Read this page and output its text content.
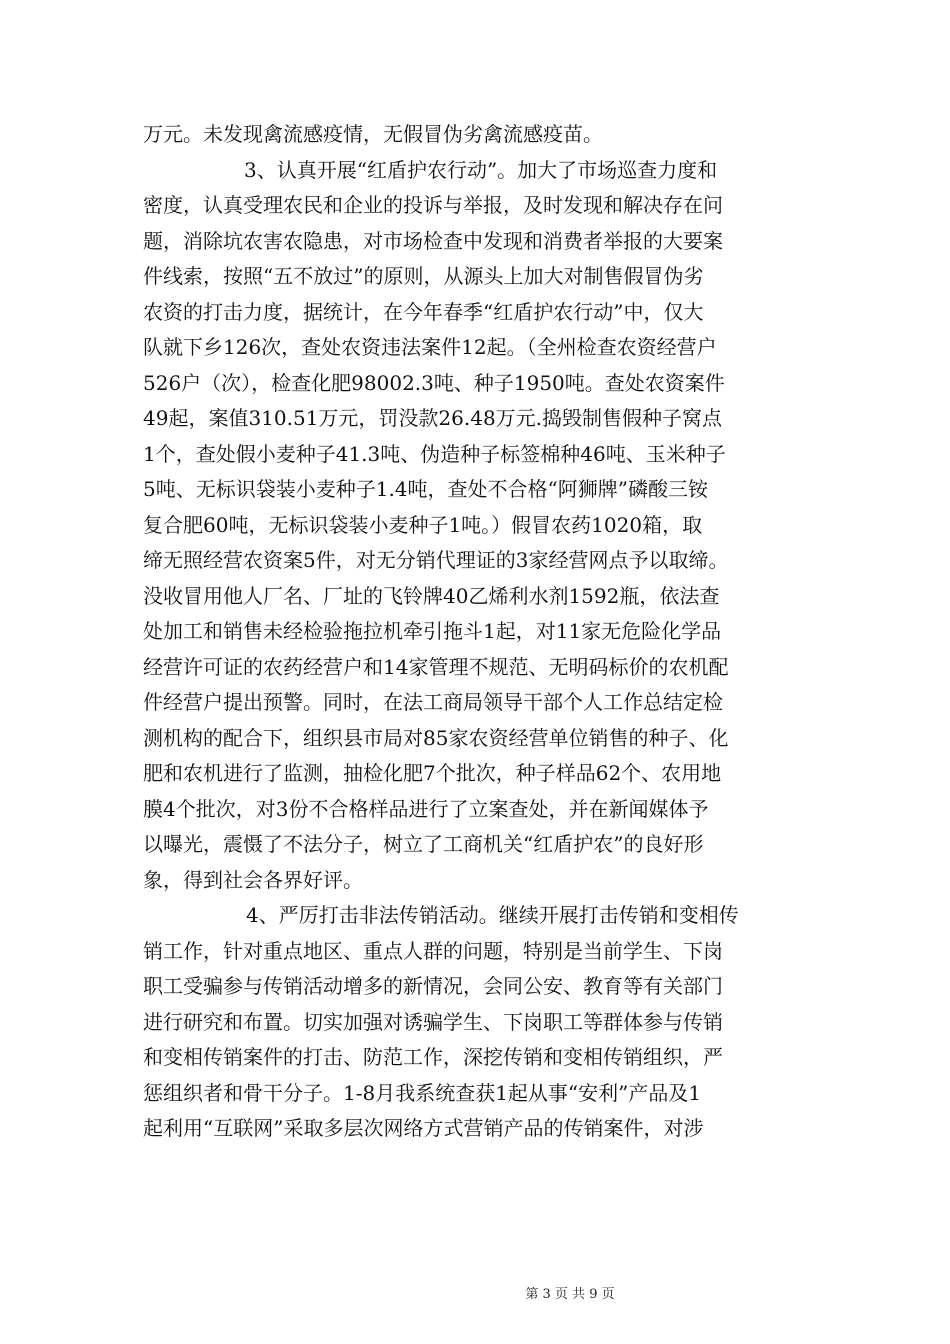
万元。未发现禽流感疫情，无假冒伪劣禽流感疫苗。
3、认真开展“红盾护农行动”。加大了市场巡查力度和
密度，认真受理农民和企业的投诉与举报，及时发现和解决存在问
题，消除坑农害农隐患，对市场检查中发现和消费者举报的大要案
件线索，按照“五不放过”的原则，从源头上加大对制售假冒伪劣
农资的打击力度，据统计，在今年春季“红盾护农行动”中，仅大
队就下乡126次，查处农资违法案件12起。（全州检查农资经营户
526户（次），检查化肥98002.3吨、种子1950吨。查处农资案件
49起，案值310.51万元，罚没款26.48万元.捣毁制售假种子窝点
1个，查处假小麦种子41.3吨、伪造种子标签棉种46吨、玉米种子
5吨、无标识袋装小麦种子1.4吨，查处不合格“阿狮牌”磷酸三铵
复合肥60吨，无标识袋装小麦种子1吨。）假冒农药1020箱，取
缔无照经营农资案5件，对无分销代理证的3家经营网点予以取缔。
没收冒用他人厂名、厂址的飞铃牌40乙烯利水剂1592瓶，依法查
处加工和销售未经检验拖拉机牵引拖斗1起，对11家无危险化学品
经营许可证的农药经营户和14家管理不规范、无明码标价的农机配
件经营户提出预警。同时，在法工商局领导干部个人工作总结定检
测机构的配合下，组织县市局对85家农资经营单位销售的种子、化
肥和农机进行了监测，抽检化肥7个批次，种子样品62个、农用地
膜4个批次，对3份不合格样品进行了立案查处，并在新闻媒体予
以曝光，震慑了不法分子，树立了工商机关“红盾护农”的良好形
象，得到社会各界好评。
4、严厉打击非法传销活动。继续开展打击传销和变相传
销工作，针对重点地区、重点人群的问题，特别是当前学生、下岗
职工受骗参与传销活动增多的新情况，会同公安、教育等有关部门
进行研究和布置。切实加强对诱骗学生、下岗职工等群体参与传销
和变相传销案件的打击、防范工作，深挖传销和变相传销组织，严
惩组织者和骨干分子。1-8月我系统查获1起从事“安利”产品及1
起利用“互联网”采取多层次网络方式营销产品的传销案件，对涉
第 3 页 共 9 页
